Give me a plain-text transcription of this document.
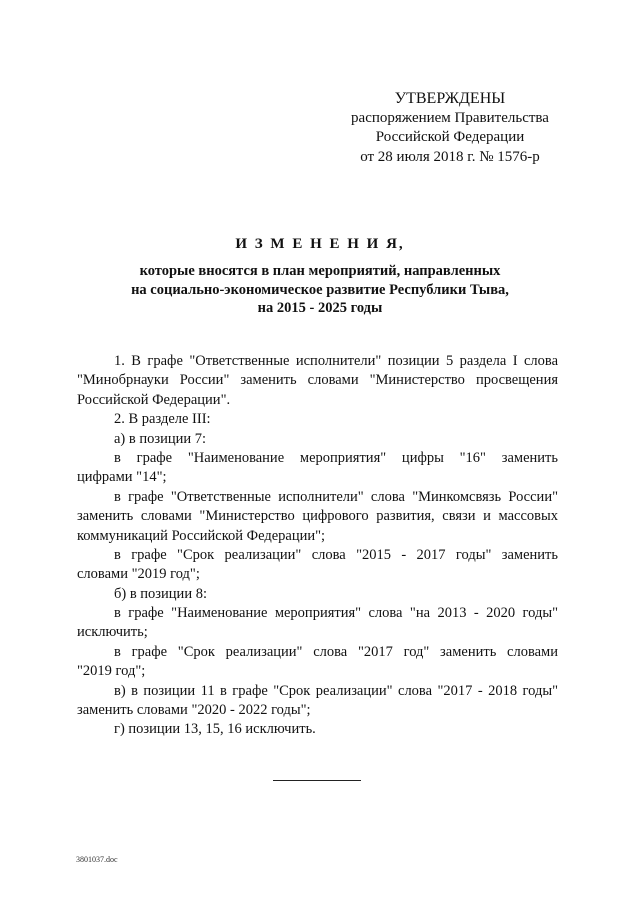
УТВЕРЖДЕНЫ
распоряжением Правительства
Российской Федерации
от 28 июля 2018 г. № 1576-р
И З М Е Н Е Н И Я,
которые вносятся в план мероприятий, направленных
на социально-экономическое развитие Республики Тыва,
на 2015 - 2025 годы
1. В графе "Ответственные исполнители" позиции 5 раздела I слова
"Минобрнауки России" заменить словами "Министерство просвещения
Российской Федерации".
2. В разделе III:
а) в позиции 7:
в графе "Наименование мероприятия" цифры "16" заменить
цифрами "14";
в графе "Ответственные исполнители" слова "Минкомсвязь России"
заменить словами "Министерство цифрового развития, связи и массовых
коммуникаций Российской Федерации";
в графе "Срок реализации" слова "2015 - 2017 годы" заменить
словами "2019 год";
б) в позиции 8:
в графе "Наименование мероприятия" слова "на 2013 - 2020 годы"
исключить;
в графе "Срок реализации" слова "2017 год" заменить словами
"2019 год";
в) в позиции 11 в графе "Срок реализации" слова "2017 - 2018 годы"
заменить словами "2020 - 2022 годы";
г) позиции 13, 15, 16 исключить.
3801037.doc
